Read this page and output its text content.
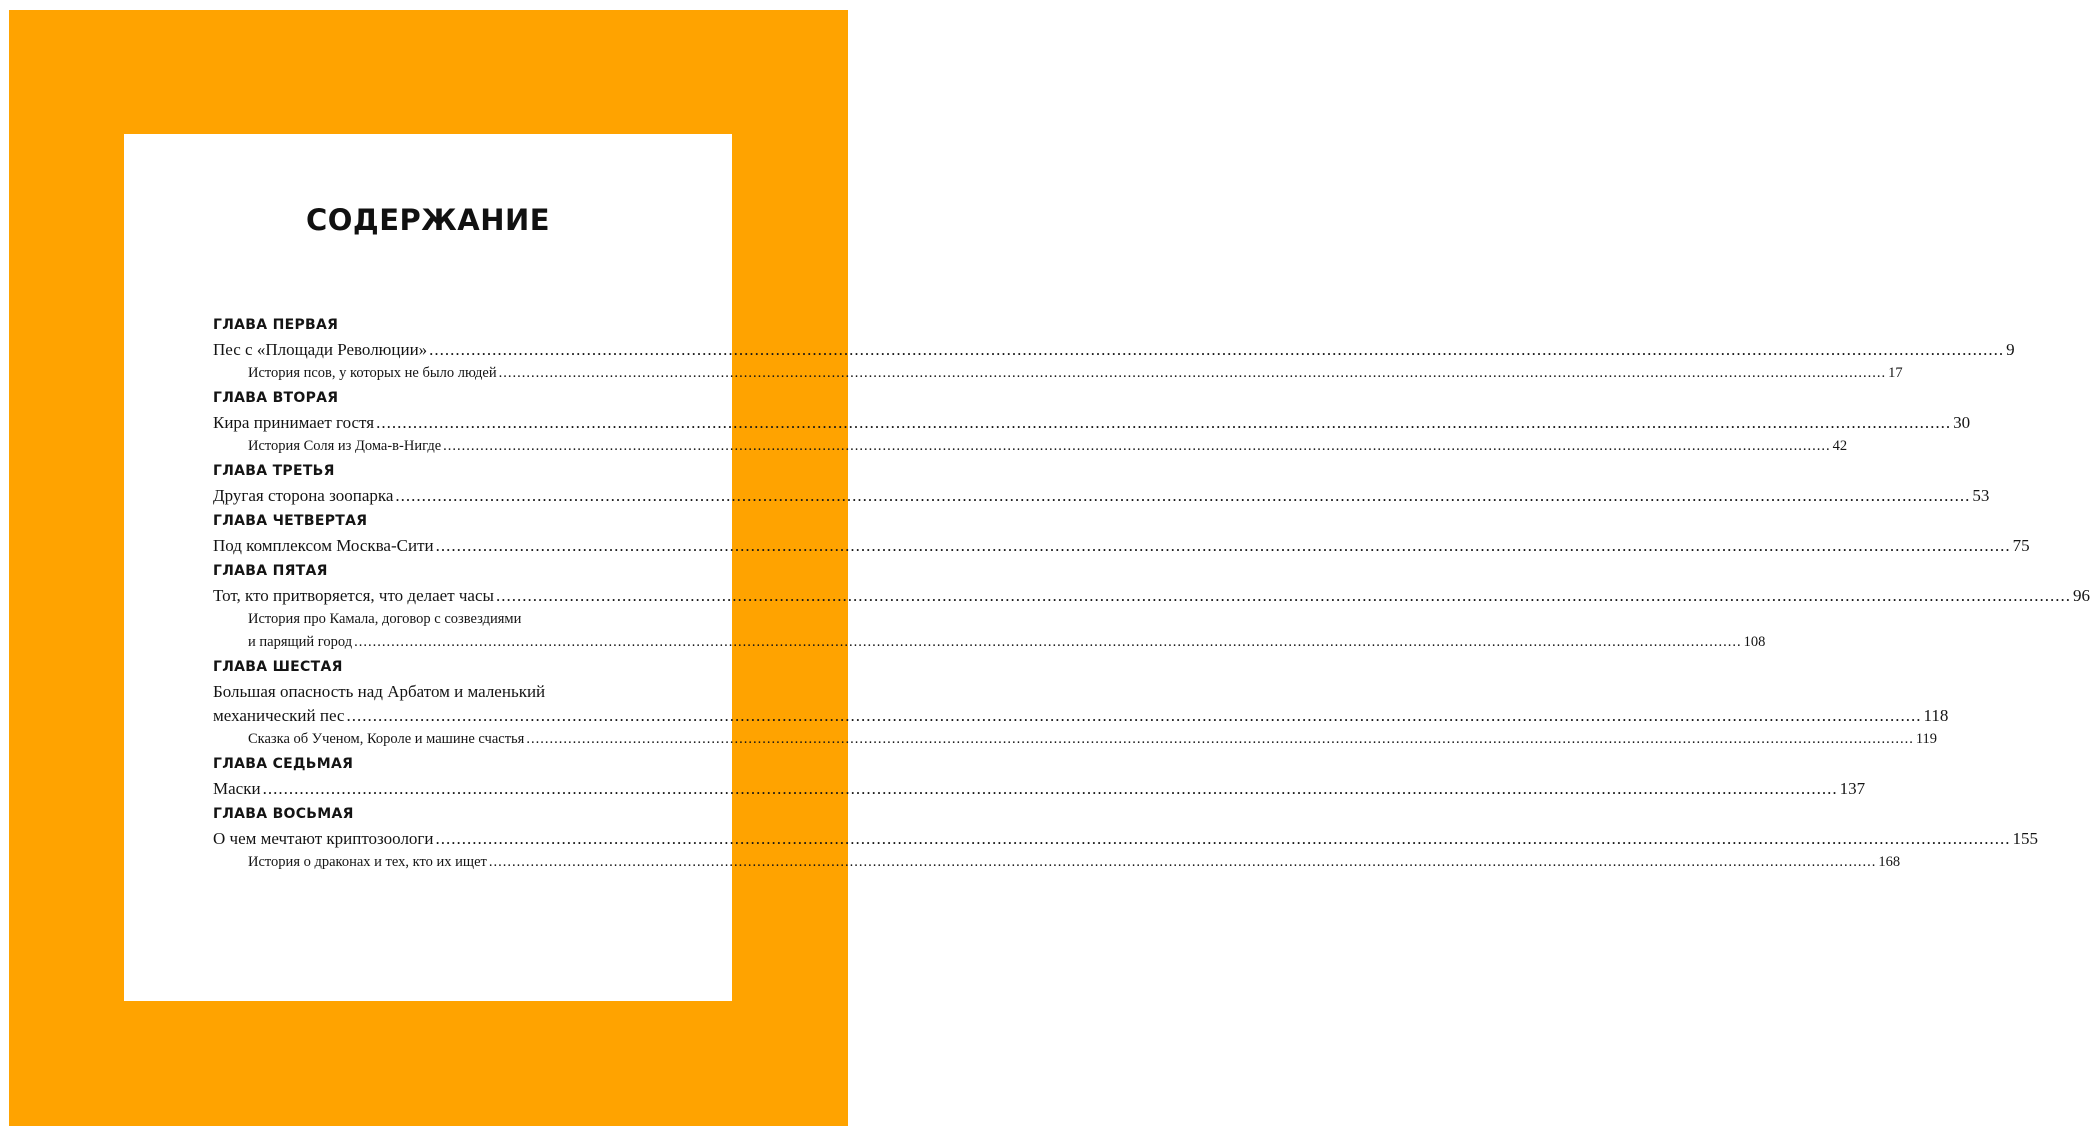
СОДЕРЖАНИЕ
ГЛАВА ПЕРВАЯ
Пес с «Площади Революции» ............................................................................................................................................................................................................................................................................................................ 9
История псов, у которых не было людей ............................................................................................................................................................................................................................................................................................................ 17
ГЛАВА ВТОРАЯ
Кира принимает гостя ............................................................................................................................................................................................................................................................................................................ 30
История Соля из Дома-в-Нигде ............................................................................................................................................................................................................................................................................................................ 42
ГЛАВА ТРЕТЬЯ
Другая сторона зоопарка ............................................................................................................................................................................................................................................................................................................ 53
ГЛАВА ЧЕТВЕРТАЯ
Под комплексом Москва-Сити ............................................................................................................................................................................................................................................................................................................ 75
ГЛАВА ПЯТАЯ
Тот, кто притворяется, что делает часы ............................................................................................................................................................................................................................................................................................................ 96
История про Камала, договор с созвездиями
и парящий город ............................................................................................................................................................................................................................................................................................................ 108
ГЛАВА ШЕСТАЯ
Большая опасность над Арбатом и маленький
механический пес ............................................................................................................................................................................................................................................................................................................ 118
Сказка об Ученом, Короле и машине счастья ............................................................................................................................................................................................................................................................................................................ 119
ГЛАВА СЕДЬМАЯ
Маски ............................................................................................................................................................................................................................................................................................................ 137
ГЛАВА ВОСЬМАЯ
О чем мечтают криптозоологи ............................................................................................................................................................................................................................................................................................................ 155
История о драконах и тех, кто их ищет ............................................................................................................................................................................................................................................................................................................ 168
